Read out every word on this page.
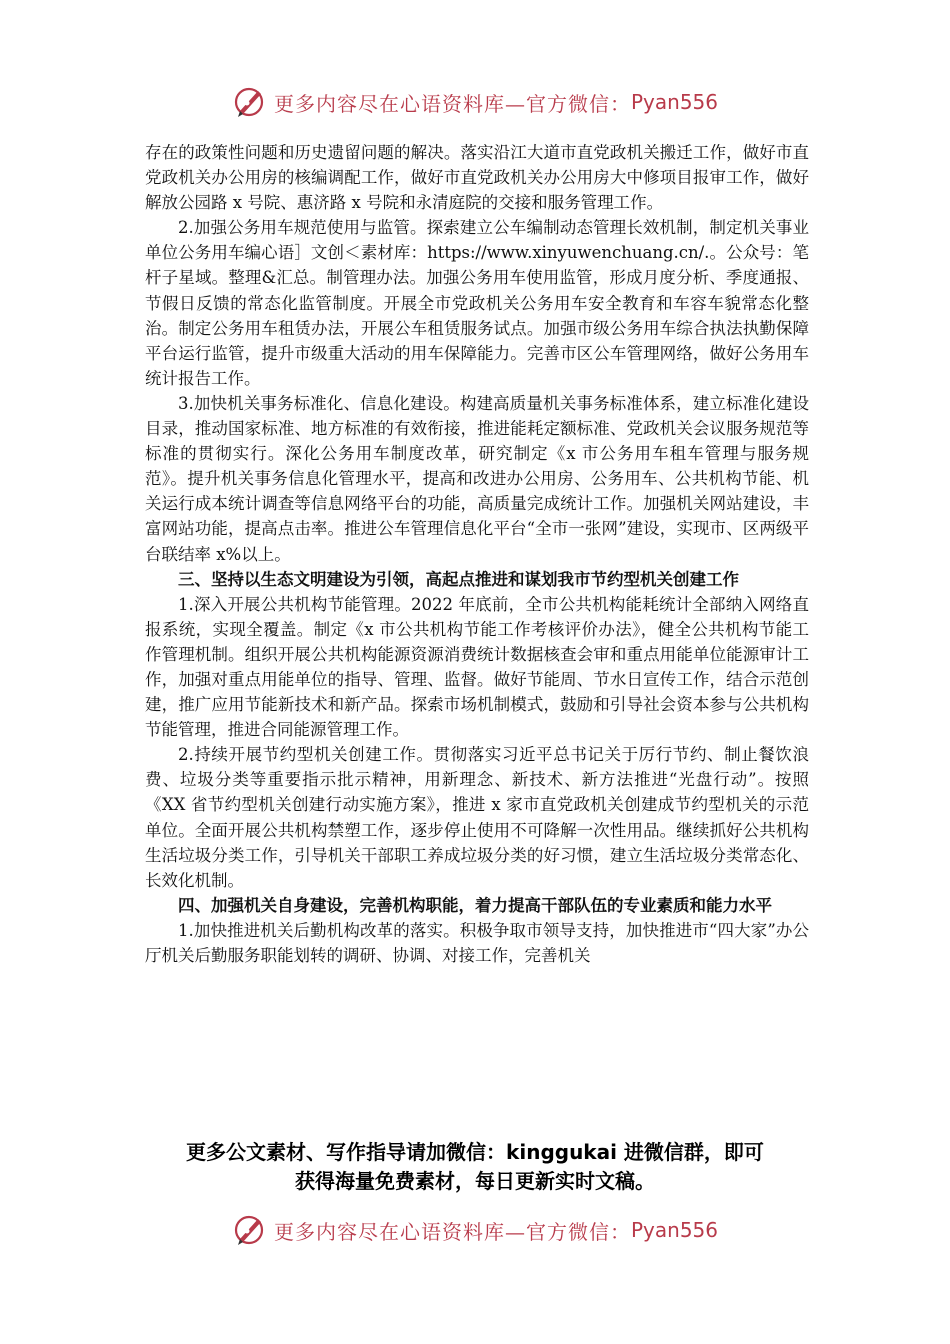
更多内容尽在心语资料库—官方微信： Pyan556

存在的政策性问题和历史遗留问题的解决。落实沿江大道市直党政机关搬迁工作，做好市直党政机关办公用房的核编调配工作，做好市直党政机关办公用房大中修项目报审工作，做好解放公园路 x 号院、惠济路 x 号院和永清庭院的交接和服务管理工作。

2.加强公务用车规范使用与监管。探索建立公车编制动态管理长效机制，制定机关事业单位公务用车编心语］文创＜素材库：https://www.xinyuwenchuang.cn/.。公众号：笔杆子星域。整理&汇总。制管理办法。加强公务用车使用监管，形成月度分析、季度通报、节假日反馈的常态化监管制度。开展全市党政机关公务用车安全教育和车容车貌常态化整治。制定公务用车租赁办法，开展公车租赁服务试点。加强市级公务用车综合执法执勤保障平台运行监管，提升市级重大活动的用车保障能力。完善市区公车管理网络，做好公务用车统计报告工作。

3.加快机关事务标准化、信息化建设。构建高质量机关事务标准体系，建立标准化建设目录，推动国家标准、地方标准的有效衔接，推进能耗定额标准、党政机关会议服务规范等标准的贯彻实行。深化公务用车制度改革，研究制定《x 市公务用车租车管理与服务规范》。提升机关事务信息化管理水平，提高和改进办公用房、公务用车、公共机构节能、机关运行成本统计调查等信息网络平台的功能，高质量完成统计工作。加强机关网站建设，丰富网站功能，提高点击率。推进公车管理信息化平台“全市一张网”建设，实现市、区两级平台联结率 x%以上。

三、坚持以生态文明建设为引领，高起点推进和谋划我市节约型机关创建工作

1.深入开展公共机构节能管理。2022 年底前，全市公共机构能耗统计全部纳入网络直报系统，实现全覆盖。制定《x 市公共机构节能工作考核评价办法》，健全公共机构节能工作管理机制。组织开展公共机构能源资源消费统计数据核查会审和重点用能单位能源审计工作，加强对重点用能单位的指导、管理、监督。做好节能周、节水日宣传工作，结合示范创建，推广应用节能新技术和新产品。探索市场机制模式，鼓励和引导社会资本参与公共机构节能管理，推进合同能源管理工作。

2.持续开展节约型机关创建工作。贯彻落实习近平总书记关于厉行节约、制止餐饮浪费、垃圾分类等重要指示批示精神，用新理念、新技术、新方法推进“光盘行动”。按照《XX 省节约型机关创建行动实施方案》，推进 x 家市直党政机关创建成节约型机关的示范单位。全面开展公共机构禁塑工作，逐步停止使用不可降解一次性用品。继续抓好公共机构生活垃圾分类工作，引导机关干部职工养成垃圾分类的好习惯，建立生活垃圾分类常态化、长效化机制。

四、加强机关自身建设，完善机构职能，着力提高干部队伍的专业素质和能力水平

1.加快推进机关后勤机构改革的落实。积极争取市领导支持，加快推进市“四大家”办公厅机关后勤服务职能划转的调研、协调、对接工作，完善机关

更多公文素材、写作指导请加微信：kinggukai 进微信群，即可
获得海量免费素材，每日更新实时文稿。
更多内容尽在心语资料库—官方微信： Pyan556
